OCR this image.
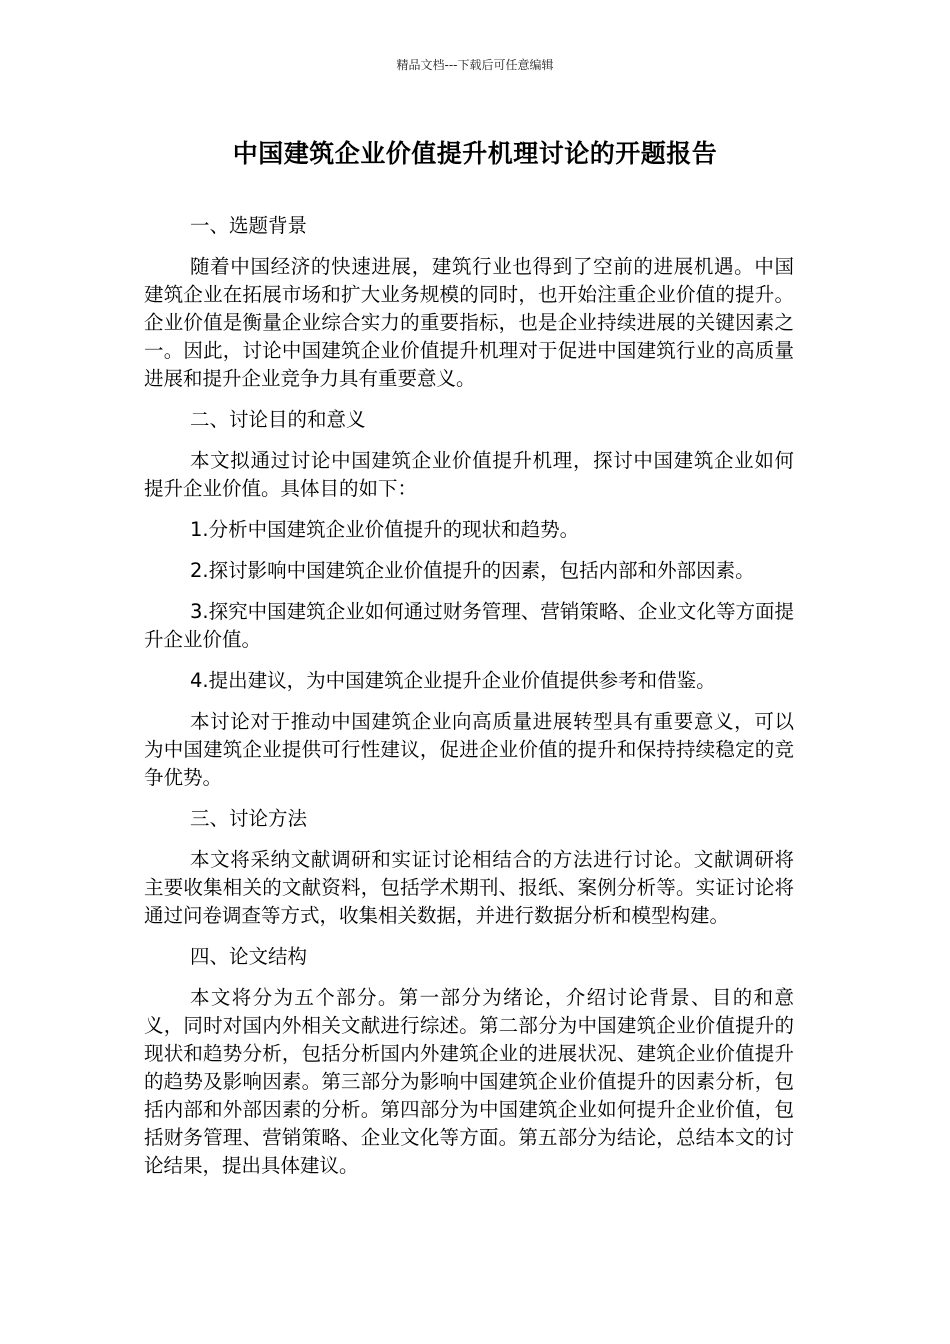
精品文档---下载后可任意编辑
中国建筑企业价值提升机理讨论的开题报告
一、选题背景
随着中国经济的快速进展，建筑行业也得到了空前的进展机遇。中国建筑企业在拓展市场和扩大业务规模的同时，也开始注重企业价值的提升。企业价值是衡量企业综合实力的重要指标，也是企业持续进展的关键因素之一。因此，讨论中国建筑企业价值提升机理对于促进中国建筑行业的高质量进展和提升企业竞争力具有重要意义。
二、讨论目的和意义
本文拟通过讨论中国建筑企业价值提升机理，探讨中国建筑企业如何提升企业价值。具体目的如下：
1.分析中国建筑企业价值提升的现状和趋势。
2.探讨影响中国建筑企业价值提升的因素，包括内部和外部因素。
3.探究中国建筑企业如何通过财务管理、营销策略、企业文化等方面提升企业价值。
4.提出建议，为中国建筑企业提升企业价值提供参考和借鉴。
本讨论对于推动中国建筑企业向高质量进展转型具有重要意义，可以为中国建筑企业提供可行性建议，促进企业价值的提升和保持持续稳定的竞争优势。
三、讨论方法
本文将采纳文献调研和实证讨论相结合的方法进行讨论。文献调研将主要收集相关的文献资料，包括学术期刊、报纸、案例分析等。实证讨论将通过问卷调查等方式，收集相关数据，并进行数据分析和模型构建。
四、论文结构
本文将分为五个部分。第一部分为绪论，介绍讨论背景、目的和意义，同时对国内外相关文献进行综述。第二部分为中国建筑企业价值提升的现状和趋势分析，包括分析国内外建筑企业的进展状况、建筑企业价值提升的趋势及影响因素。第三部分为影响中国建筑企业价值提升的因素分析，包括内部和外部因素的分析。第四部分为中国建筑企业如何提升企业价值，包括财务管理、营销策略、企业文化等方面。第五部分为结论，总结本文的讨论结果，提出具体建议。
